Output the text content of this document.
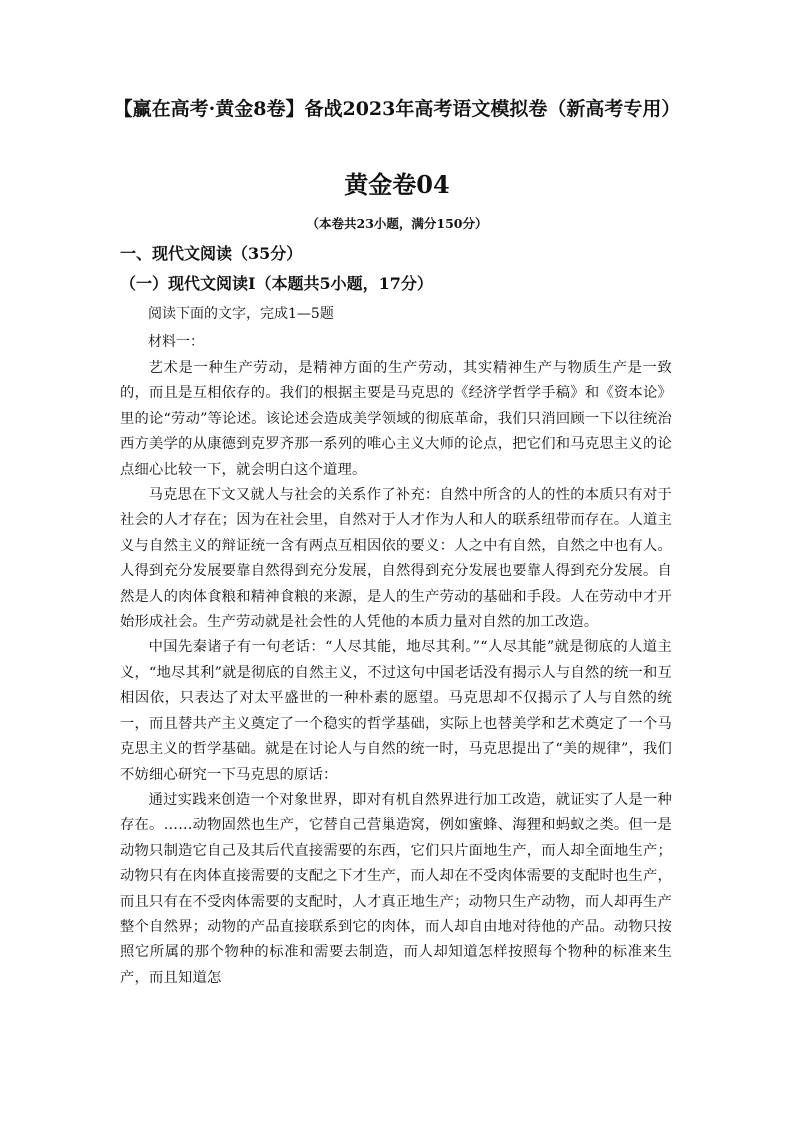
【赢在高考·黄金8卷】备战2023年高考语文模拟卷（新高考专用）
黄金卷04

（本卷共23小题，满分150分）

一、现代文阅读（35分）
（一）现代文阅读Ⅰ（本题共5小题，17分）

阅读下面的文字，完成1—5题

材料一：

艺术是一种生产劳动，是精神方面的生产劳动，其实精神生产与物质生产是一致的，而且是互相依存的。我们的根据主要是马克思的《经济学哲学手稿》和《资本论》里的论“劳动”等论述。该论述会造成美学领域的彻底革命，我们只消回顾一下以往统治西方美学的从康德到克罗齐那一系列的唯心主义大师的论点，把它们和马克思主义的论点细心比较一下，就会明白这个道理。

马克思在下文又就人与社会的关系作了补充：自然中所含的人的性的本质只有对于社会的人才存在；因为在社会里，自然对于人才作为人和人的联系纽带而存在。人道主义与自然主义的辩证统一含有两点互相因依的要义：人之中有自然，自然之中也有人。人得到充分发展要靠自然得到充分发展，自然得到充分发展也要靠人得到充分发展。自然是人的肉体食粮和精神食粮的来源，是人的生产劳动的基础和手段。人在劳动中才开始形成社会。生产劳动就是社会性的人凭他的本质力量对自然的加工改造。

中国先秦诸子有一句老话：“人尽其能，地尽其利。”“人尽其能”就是彻底的人道主义，“地尽其利”就是彻底的自然主义，不过这句中国老话没有揭示人与自然的统一和互相因依，只表达了对太平盛世的一种朴素的愿望。马克思却不仅揭示了人与自然的统一，而且替共产主义奠定了一个稳实的哲学基础，实际上也替美学和艺术奠定了一个马克思主义的哲学基础。就是在讨论人与自然的统一时，马克思提出了“美的规律”，我们不妨细心研究一下马克思的原话：

通过实践来创造一个对象世界，即对有机自然界进行加工改造，就证实了人是一种存在。……动物固然也生产，它替自己营巢造窝，例如蜜蜂、海狸和蚂蚁之类。但一是动物只制造它自己及其后代直接需要的东西，它们只片面地生产，而人却全面地生产；动物只有在肉体直接需要的支配之下才生产，而人却在不受肉体需要的支配时也生产，而且只有在不受肉体需要的支配时，人才真正地生产；动物只生产动物，而人却再生产整个自然界；动物的产品直接联系到它的肉体，而人却自由地对待他的产品。动物只按照它所属的那个物种的标准和需要去制造，而人却知道怎样按照每个物种的标准来生产，而且知道怎
